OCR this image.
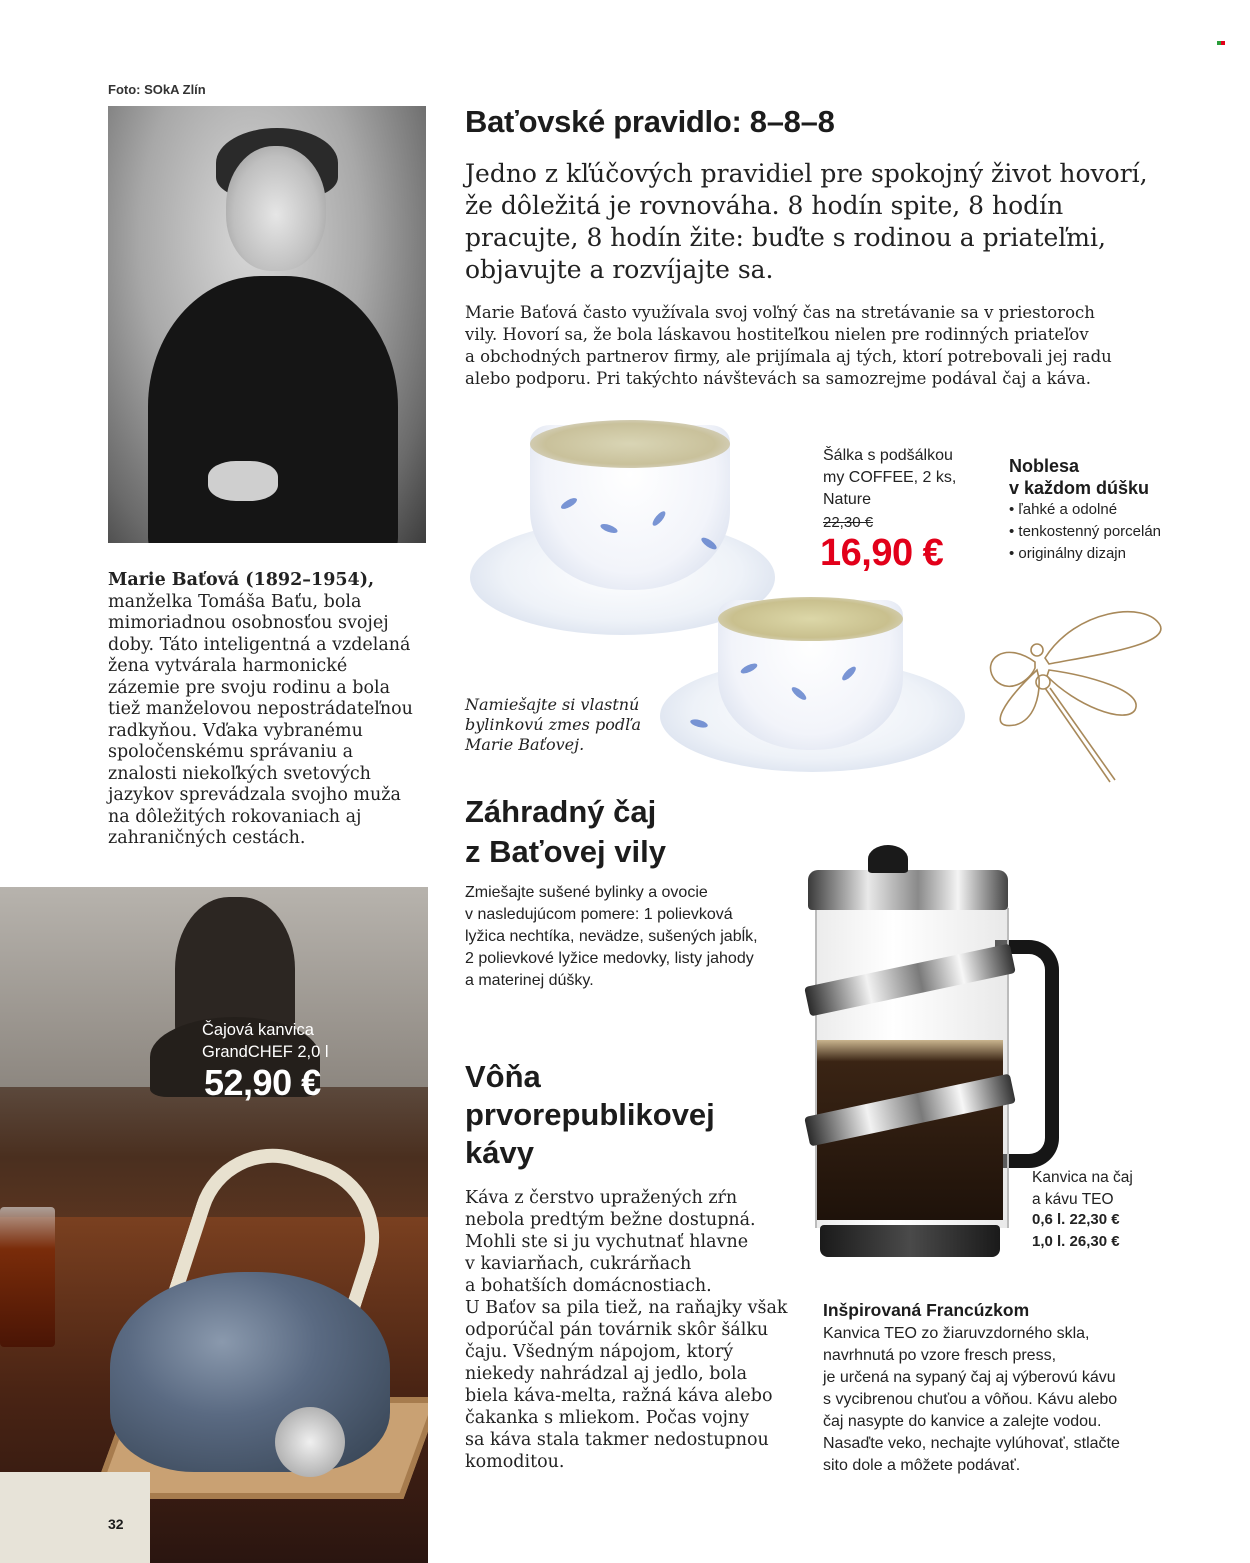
Foto: SOkA Zlín
Marie Baťová (1892–1954), manželka Tomáša Baťu, bola mimoriadnou osobnosťou svojej doby. Táto inteligentná a vzdelaná žena vytvárala harmonické zázemie pre svoju rodinu a bola tiež manželovou nepostrádateľnou radkyňou. Vďaka vybranému spoločenskému správaniu a znalosti niekoľkých svetových jazykov sprevádzala svojho muža na dôležitých rokovaniach aj zahraničných cestách.
Baťovské pravidlo: 8–8–8
Jedno z kľúčových pravidiel pre spokojný život hovorí,
že dôležitá je rovnováha. 8 hodín spite, 8 hodín
pracujte, 8 hodín žite: buďte s rodinou a priateľmi,
objavujte a rozvíjajte sa.
Marie Baťová často využívala svoj voľný čas na stretávanie sa v priestoroch
vily. Hovorí sa, že bola láskavou hostiteľkou nielen pre rodinných priateľov
a obchodných partnerov firmy, ale prijímala aj tých, ktorí potrebovali jej radu
alebo podporu. Pri takýchto návštevách sa samozrejme podával čaj a káva.
Šálka s podšálkou
my COFFEE, 2 ks,
Nature
22,30 €
16,90 €
Noblesa
v každom dúšku
• ľahké a odolné
• tenkostenný porcelán
• originálny dizajn
Namiešajte si vlastnú
bylinkovú zmes podľa
Marie Baťovej.
Záhradný čaj
z Baťovej vily
Zmiešajte sušené bylinky a ovocie
v nasledujúcom pomere: 1 polievková
lyžica nechtíka, nevädze, sušených jabĺk,
2 polievkové lyžice medovky, listy jahody
a materinej dúšky.
Vôňa
prvorepublikovej
kávy
Káva z čerstvo upražených zŕn
nebola predtým bežne dostupná.
Mohli ste si ju vychutnať hlavne
v kaviarňach, cukrárňach
a bohatších domácnostiach.
U Baťov sa pila tiež, na raňajky však
odporúčal pán továrnik skôr šálku
čaju. Všedným nápojom, ktorý
niekedy nahrádzal aj jedlo, bola
biela káva-melta, ražná káva alebo
čakanka s mliekom. Počas vojny
sa káva stala takmer nedostupnou
komoditou.
Kanvica na čaj
a kávu TEO
0,6 l. 22,30 €
1,0 l. 26,30 €
Inšpirovaná Francúzkom
Kanvica TEO zo žiaruvzdorného skla,
navrhnutá po vzore fresch press,
je určená na sypaný čaj aj výberovú kávu
s vycibrenou chuťou a vôňou. Kávu alebo
čaj nasypte do kanvice a zalejte vodou.
Nasaďte veko, nechajte vylúhovať, stlačte
sito dole a môžete podávať.
Čajová kanvica
GrandCHEF 2,0 l
52,90 €
32
